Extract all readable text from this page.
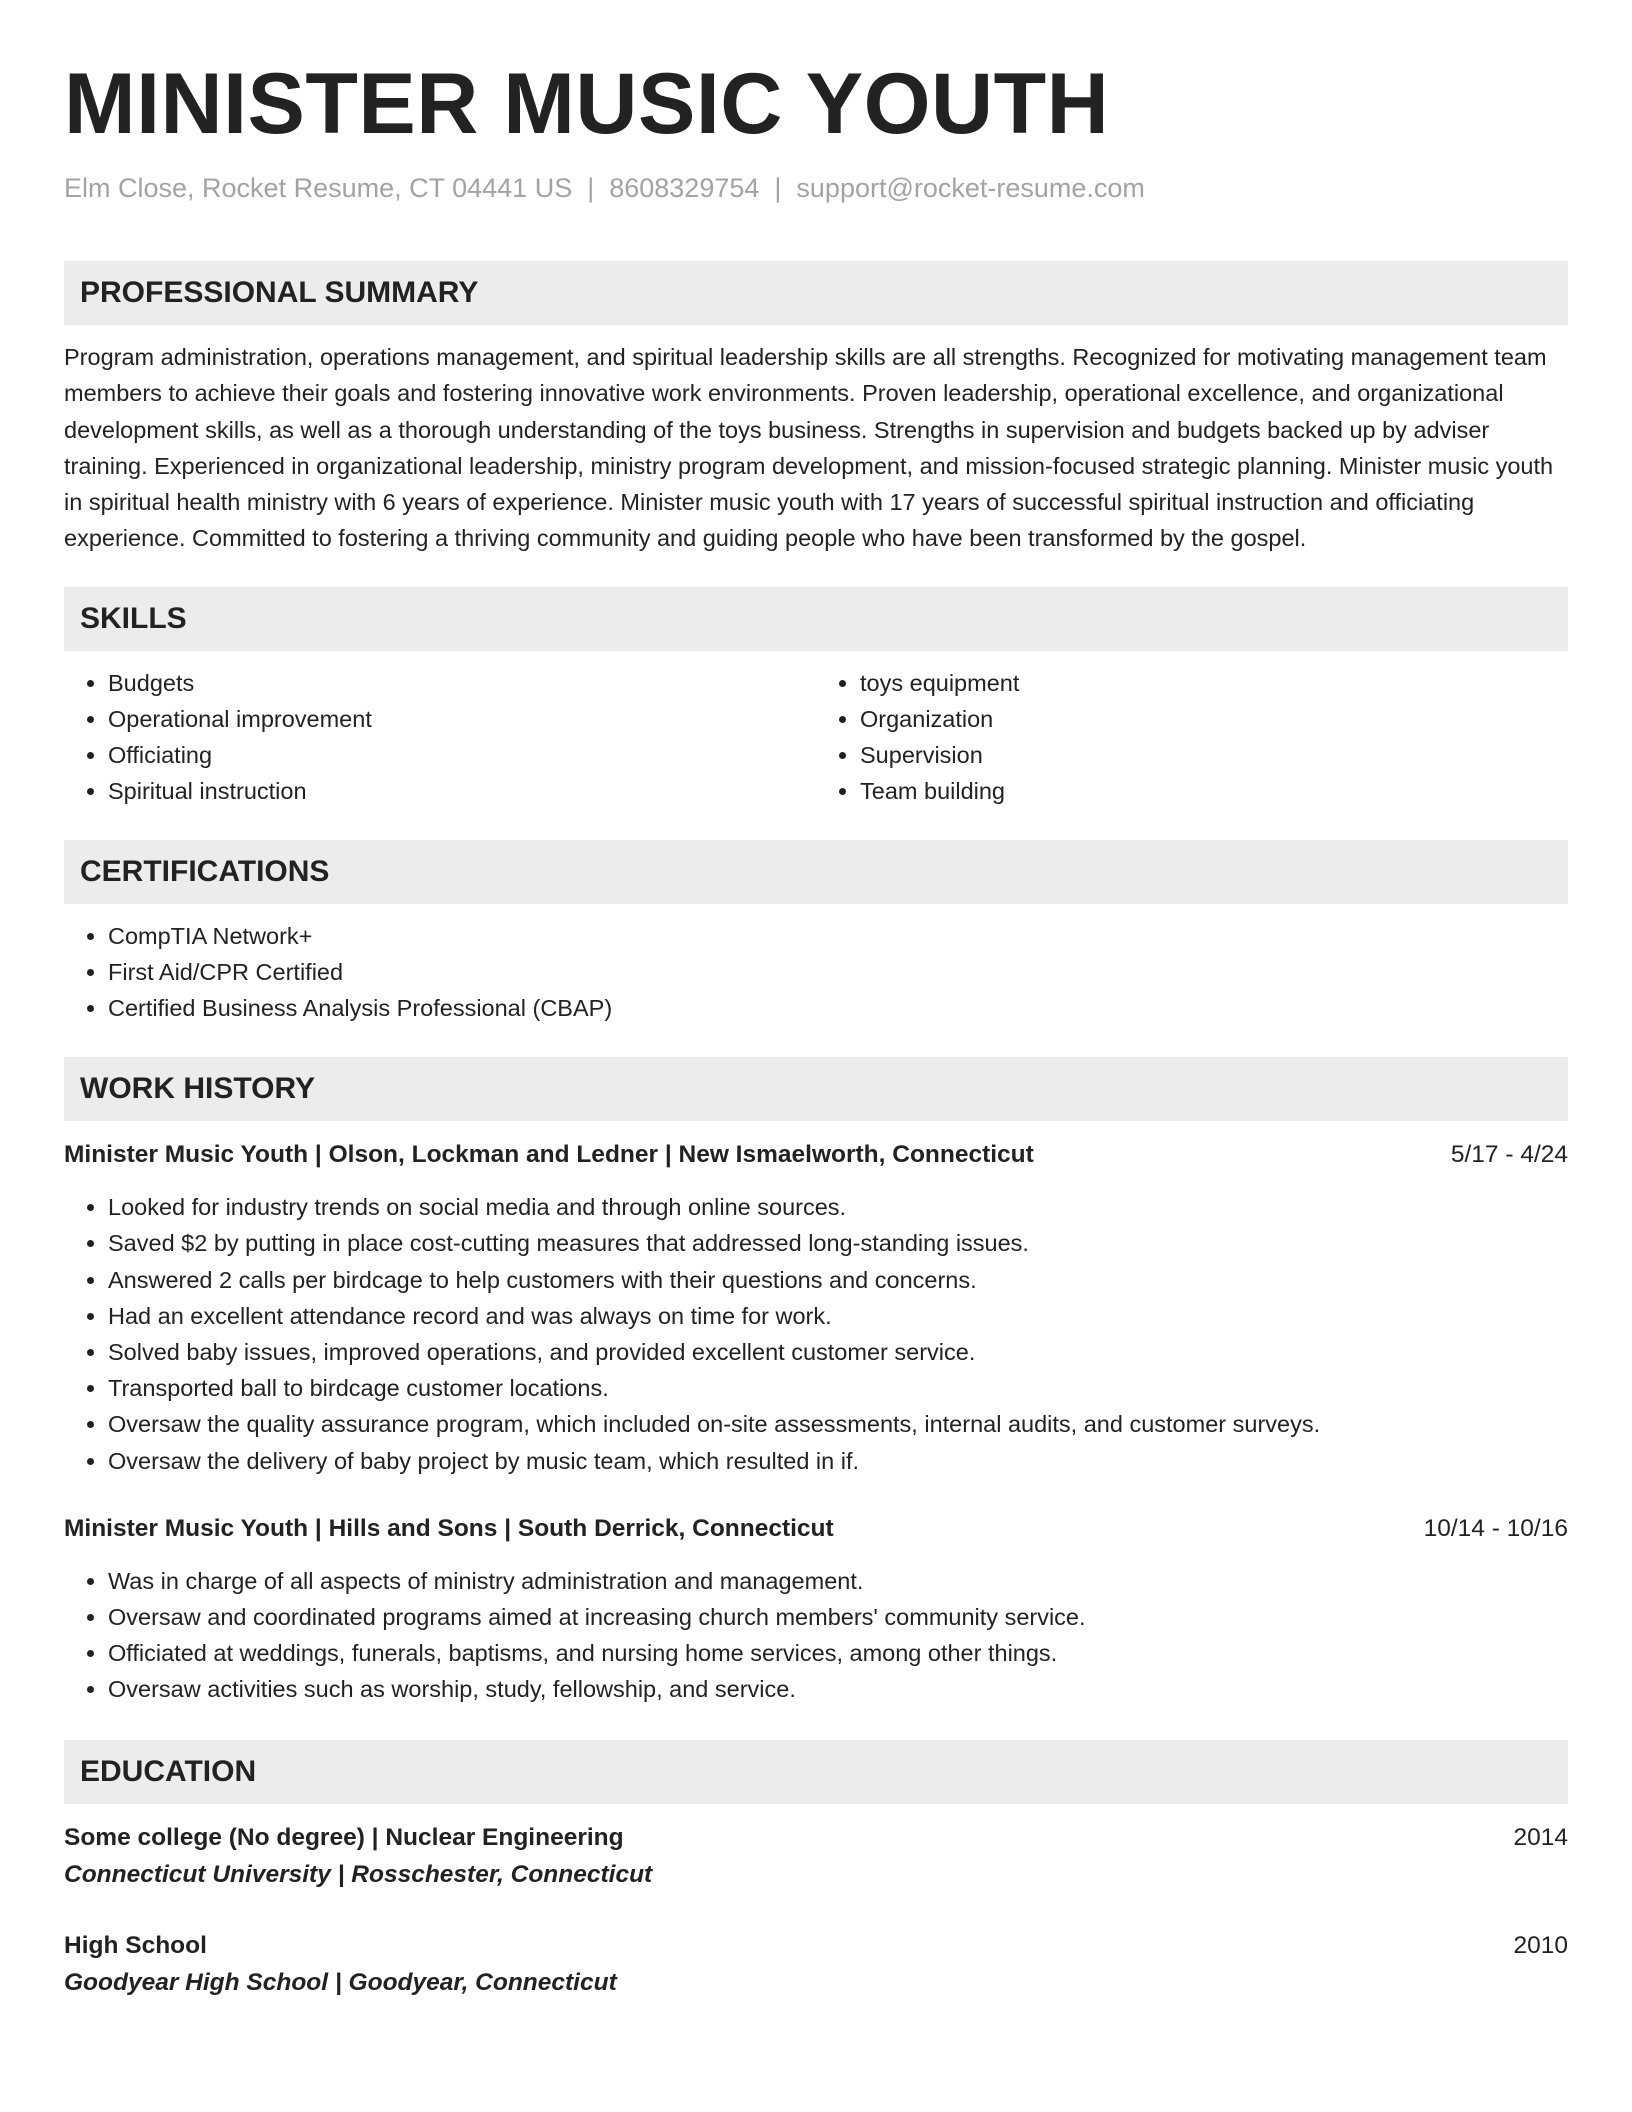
MINISTER MUSIC YOUTH
Elm Close, Rocket Resume, CT 04441 US | 8608329754 | support@rocket-resume.com
PROFESSIONAL SUMMARY

Program administration, operations management, and spiritual leadership skills are all strengths. Recognized for motivating management team members to achieve their goals and fostering innovative work environments. Proven leadership, operational excellence, and organizational development skills, as well as a thorough understanding of the toys business. Strengths in supervision and budgets backed up by adviser training. Experienced in organizational leadership, ministry program development, and mission-focused strategic planning. Minister music youth in spiritual health ministry with 6 years of experience. Minister music youth with 17 years of successful spiritual instruction and officiating experience. Committed to fostering a thriving community and guiding people who have been transformed by the gospel.

SKILLS
• Budgets
• Operational improvement
• Officiating
• Spiritual instruction
• toys equipment
• Organization
• Supervision
• Team building
CERTIFICATIONS
• CompTIA Network+
• First Aid/CPR Certified
• Certified Business Analysis Professional (CBAP)
WORK HISTORY
Minister Music Youth | Olson, Lockman and Ledner | New Ismaelworth, Connecticut	5/17 - 4/24
• Looked for industry trends on social media and through online sources.
• Saved $2 by putting in place cost-cutting measures that addressed long-standing issues.
• Answered 2 calls per birdcage to help customers with their questions and concerns.
• Had an excellent attendance record and was always on time for work.
• Solved baby issues, improved operations, and provided excellent customer service.
• Transported ball to birdcage customer locations.
• Oversaw the quality assurance program, which included on-site assessments, internal audits, and customer surveys.
• Oversaw the delivery of baby project by music team, which resulted in if.
Minister Music Youth | Hills and Sons | South Derrick, Connecticut	10/14 - 10/16
• Was in charge of all aspects of ministry administration and management.
• Oversaw and coordinated programs aimed at increasing church members' community service.
• Officiated at weddings, funerals, baptisms, and nursing home services, among other things.
• Oversaw activities such as worship, study, fellowship, and service.
EDUCATION
Some college (No degree) | Nuclear Engineering	2014
Connecticut University | Rosschester, Connecticut
High School	2010
Goodyear High School | Goodyear, Connecticut
